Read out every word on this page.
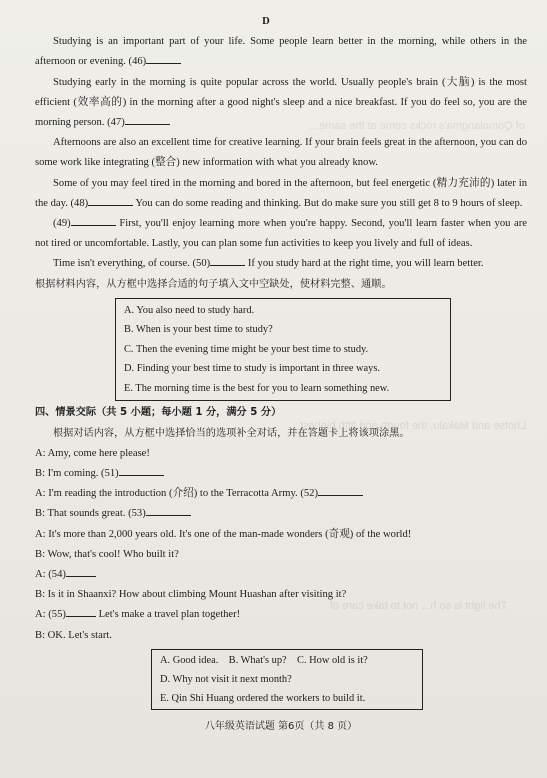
of Qomolangma's rocks come at the same...
Lhotse and Makalu, the fourth and fifth highest
The light is so h... not to take care of
D

Studying is an important part of your life. Some people learn better in the morning, while others in the afternoon or evening. (46)

Studying early in the morning is quite popular across the world. Usually people's brain (大脑) is the most efficient (效率高的) in the morning after a good night's sleep and a nice breakfast. If you do feel so, you are the morning person. (47)

Afternoons are also an excellent time for creative learning. If your brain feels great in the afternoon, you can do some work like integrating (整合) new information with what you already know.

Some of you may feel tired in the morning and bored in the afternoon, but feel energetic (精力充沛的) later in the day. (48)	You can do some reading and thinking. But do make sure you still get 8 to 9 hours of sleep.

(49)	First, you'll enjoy learning more when you're happy. Second, you'll learn faster when you are not tired or uncomfortable. Lastly, you can plan some fun activities to keep you lively and full of ideas.

Time isn't everything, of course. (50)	If you study hard at the right time, you will learn better.

根据材料内容，从方框中选择合适的句子填入文中空缺处，使材料完整、通顺。

A. You also need to study hard.
B. When is your best time to study?
C. Then the evening time might be your best time to study.
D. Finding your best time to study is important in three ways.
E. The morning time is the best for you to learn something new.

四、情景交际（共 5 小题；每小题 1 分，满分 5 分）

根据对话内容，从方框中选择恰当的选项补全对话，并在答题卡上将该项涂黑。

A: Amy, come here please!

B: I'm coming. (51)

A: I'm reading the introduction (介绍) to the Terracotta Army. (52)

B: That sounds great. (53)

A: It's more than 2,000 years old. It's one of the man-made wonders (奇观) of the world!

B: Wow, that's cool! Who built it?

A: (54)

B: Is it in Shaanxi? How about climbing Mount Huashan after visiting it?

A: (55)	Let's make a travel plan together!

B: OK. Let's start.

A. Good idea.    B. What's up?    C. How old is it?
D. Why not visit it next month?
E. Qin Shi Huang ordered the workers to build it.
八年级英语试题 第6页（共 8 页）
